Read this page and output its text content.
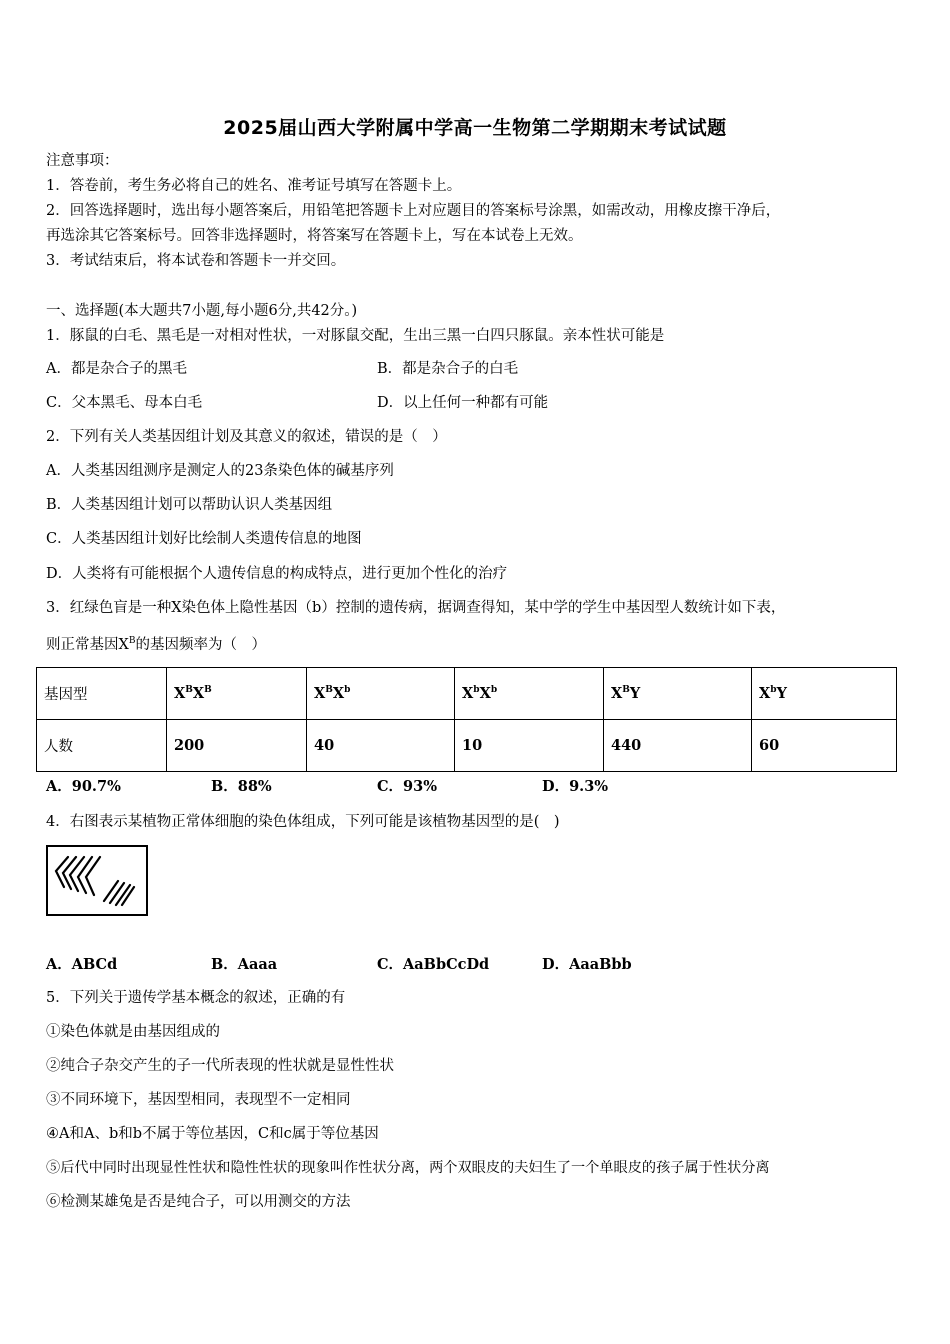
2025届山西大学附属中学高一生物第二学期期末考试试题
注意事项：
1．答卷前，考生务必将自己的姓名、准考证号填写在答题卡上。
2．回答选择题时，选出每小题答案后，用铅笔把答题卡上对应题目的答案标号涂黑，如需改动，用橡皮擦干净后，
再选涂其它答案标号。回答非选择题时，将答案写在答题卡上，写在本试卷上无效。
3．考试结束后，将本试卷和答题卡一并交回。
一、选择题(本大题共7小题,每小题6分,共42分。)
1．豚鼠的白毛、黑毛是一对相对性状，一对豚鼠交配，生出三黑一白四只豚鼠。亲本性状可能是
A．都是杂合子的黑毛	B．都是杂合子的白毛
C．父本黑毛、母本白毛	D．以上任何一种都有可能
2．下列有关人类基因组计划及其意义的叙述，错误的是（　）
A．人类基因组测序是测定人的23条染色体的碱基序列
B．人类基因组计划可以帮助认识人类基因组
C．人类基因组计划好比绘制人类遗传信息的地图
D．人类将有可能根据个人遗传信息的构成特点，进行更加个性化的治疗
3．红绿色盲是一种X染色体上隐性基因（b）控制的遗传病，据调查得知，某中学的学生中基因型人数统计如下表，
则正常基因$X^B$的基因频率为（　）
基因型	$X^BX^B$	$X^BX^b$	$X^bX^b$	$X^BY$	$X^bY$
人数	200	40	10	440	60
A．90.7%	B．88%	C．93%	D．9.3%
4．右图表示某植物正常体细胞的染色体组成，下列可能是该植物基因型的是(　)
A．ABCd	B．Aaaa	C．AaBbCcDd	D．AaaBbb
5．下列关于遗传学基本概念的叙述，正确的有
①染色体就是由基因组成的
②纯合子杂交产生的子一代所表现的性状就是显性性状
③不同环境下，基因型相同，表现型不一定相同
④A和A、b和b不属于等位基因，C和c属于等位基因
⑤后代中同时出现显性性状和隐性性状的现象叫作性状分离，两个双眼皮的夫妇生了一个单眼皮的孩子属于性状分离
⑥检测某雄兔是否是纯合子，可以用测交的方法
